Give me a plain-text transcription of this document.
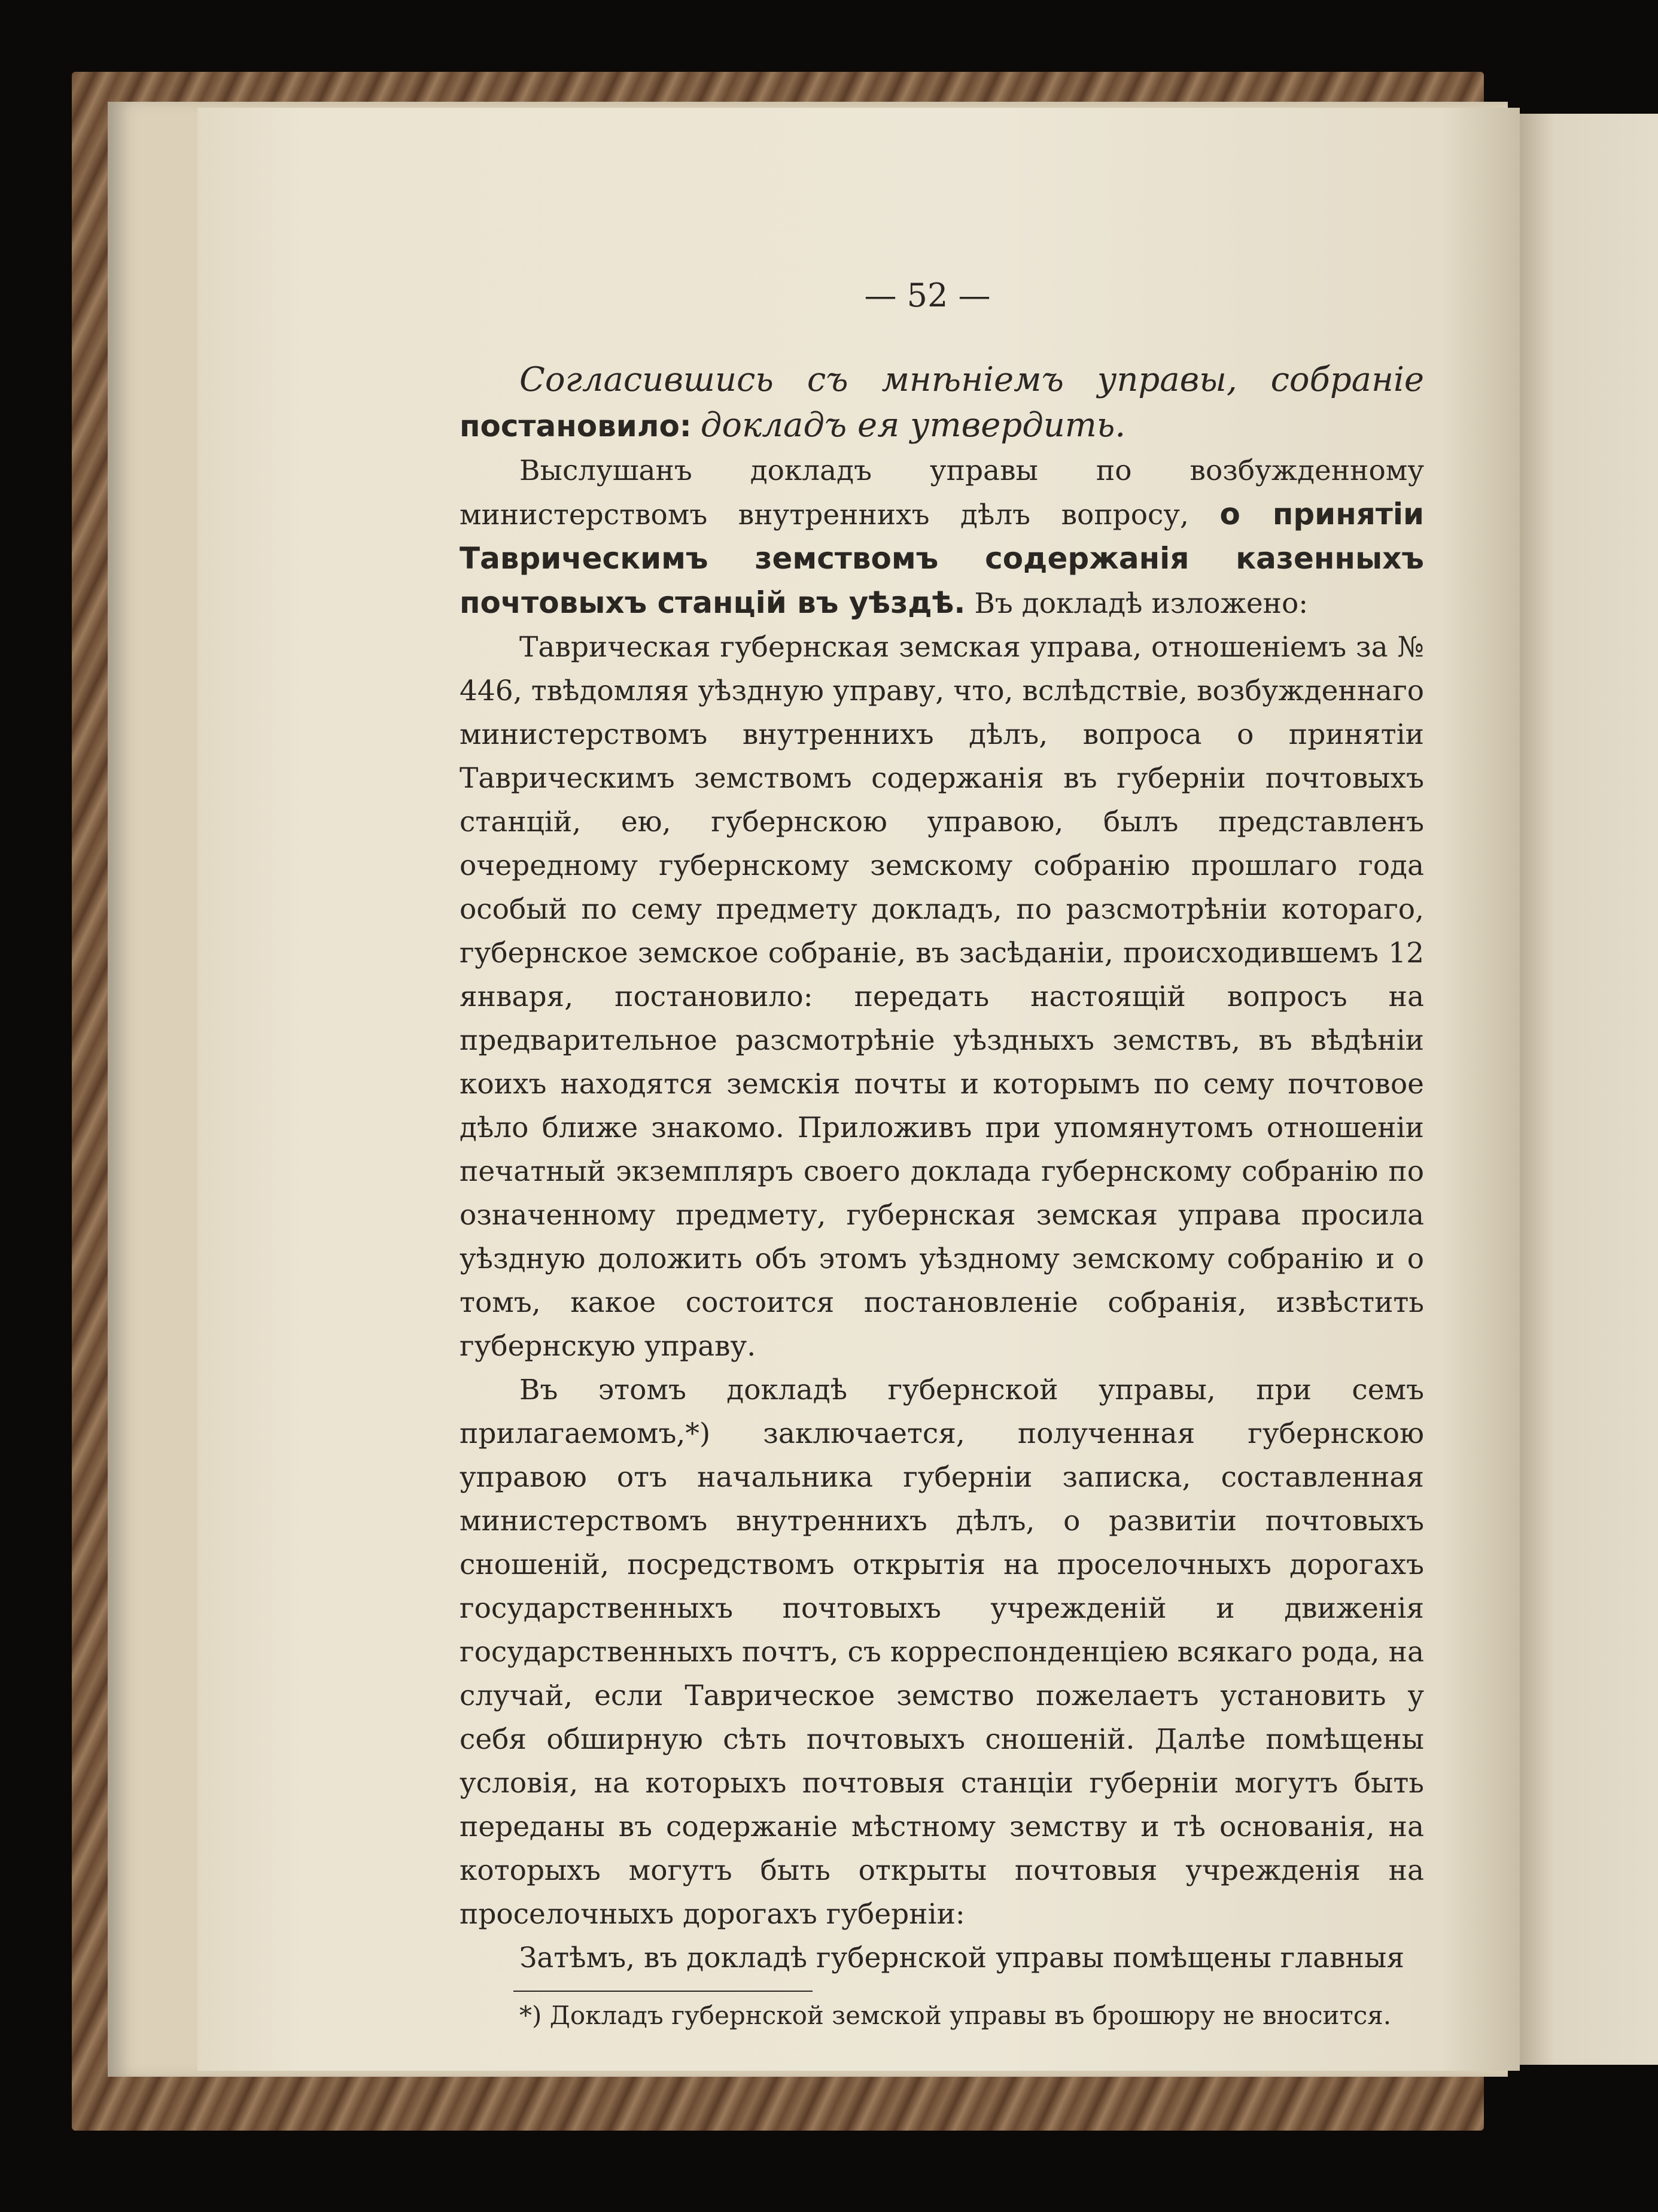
— 52 —

Согласившись съ мнѣніемъ управы, собраніе постановило: докладъ ея утвердить.

Выслушанъ докладъ управы по возбужденному министерствомъ внутреннихъ дѣлъ вопросу, о принятіи Таврическимъ земствомъ содержанія казенныхъ почтовыхъ станцій въ уѣздѣ. Въ докладѣ изложено:

Таврическая губернская земская управа, отношеніемъ за № 446, твѣдомляя уѣздную управу, что, вслѣдствіе, возбужденнаго министерствомъ внутреннихъ дѣлъ, вопроса о принятіи Таврическимъ земствомъ содержанія въ губерніи почтовыхъ станцій, ею, губернскою управою, былъ представленъ очередному губернскому земскому собранію прошлаго года особый по сему предмету докладъ, по разсмотрѣніи котораго, губернское земское собраніе, въ засѣданіи, происходившемъ 12 января, постановило: передать настоящій вопросъ на предварительное разсмотрѣніе уѣздныхъ земствъ, въ вѣдѣніи коихъ находятся земскія почты и которымъ по сему почтовое дѣло ближе знакомо. Приложивъ при упомянутомъ отношеніи печатный экземпляръ своего доклада губернскому собранію по означенному предмету, губернская земская управа просила уѣздную доложить объ этомъ уѣздному земскому собранію и о томъ, какое состоится постановленіе собранія, извѣстить губернскую управу.

Въ этомъ докладѣ губернской управы, при семъ прилагаемомъ,*) заключается, полученная губернскою управою отъ начальника губерніи записка, составленная министерствомъ внутреннихъ дѣлъ, о развитіи почтовыхъ сношеній, посредствомъ открытія на проселочныхъ дорогахъ государственныхъ почтовыхъ учрежденій и движенія государственныхъ почтъ, съ корреспонденціею всякаго рода, на случай, если Таврическое земство пожелаетъ установить у себя обширную сѣть почтовыхъ сношеній. Далѣе помѣщены условія, на которыхъ почтовыя станціи губерніи могутъ быть переданы въ содержаніе мѣстному земству и тѣ основанія, на которыхъ могутъ быть открыты почтовыя учрежденія на проселочныхъ дорогахъ губерніи:

Затѣмъ, въ докладѣ губернской управы помѣщены главныя

*) Докладъ губернской земской управы въ брошюру не вносится.
